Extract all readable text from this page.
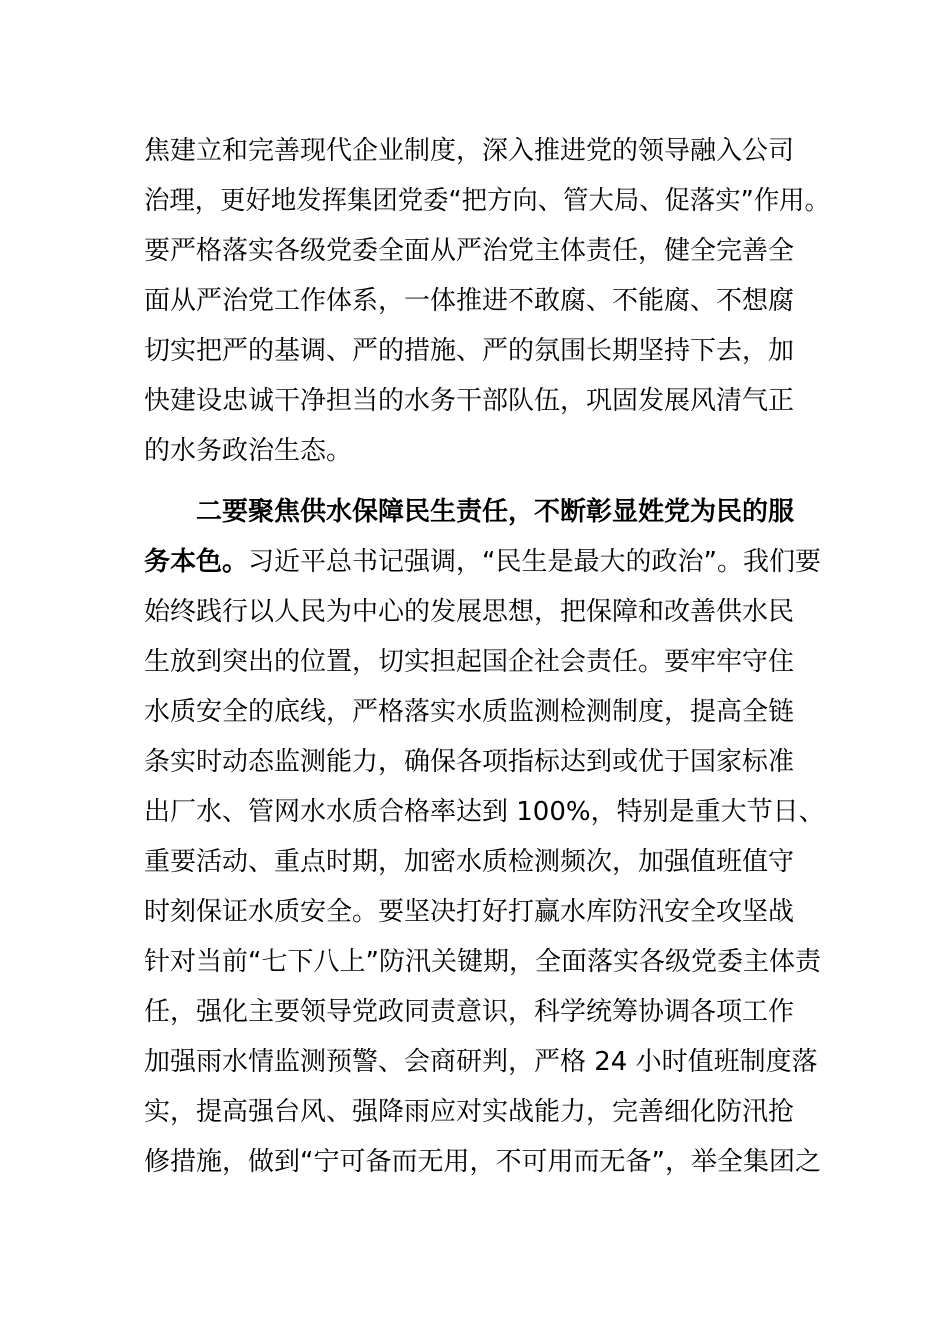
焦建立和完善现代企业制度，深入推进党的领导融入公司
治理，更好地发挥集团党委“把方向、管大局、促落实”作用。
要严格落实各级党委全面从严治党主体责任，健全完善全
面从严治党工作体系，一体推进不敢腐、不能腐、不想腐
切实把严的基调、严的措施、严的氛围长期坚持下去，加
快建设忠诚干净担当的水务干部队伍，巩固发展风清气正
的水务政治生态。
二要聚焦供水保障民生责任，不断彰显姓党为民的服
务本色。习近平总书记强调，“民生是最大的政治”。我们要
始终践行以人民为中心的发展思想，把保障和改善供水民
生放到突出的位置，切实担起国企社会责任。要牢牢守住
水质安全的底线，严格落实水质监测检测制度，提高全链
条实时动态监测能力，确保各项指标达到或优于国家标准
出厂水、管网水水质合格率达到 100%，特别是重大节日、
重要活动、重点时期，加密水质检测频次，加强值班值守
时刻保证水质安全。要坚决打好打赢水库防汛安全攻坚战
针对当前“七下八上”防汛关键期，全面落实各级党委主体责
任，强化主要领导党政同责意识，科学统筹协调各项工作
加强雨水情监测预警、会商研判，严格 24 小时值班制度落
实，提高强台风、强降雨应对实战能力，完善细化防汛抢
修措施，做到“宁可备而无用，不可用而无备”，举全集团之
